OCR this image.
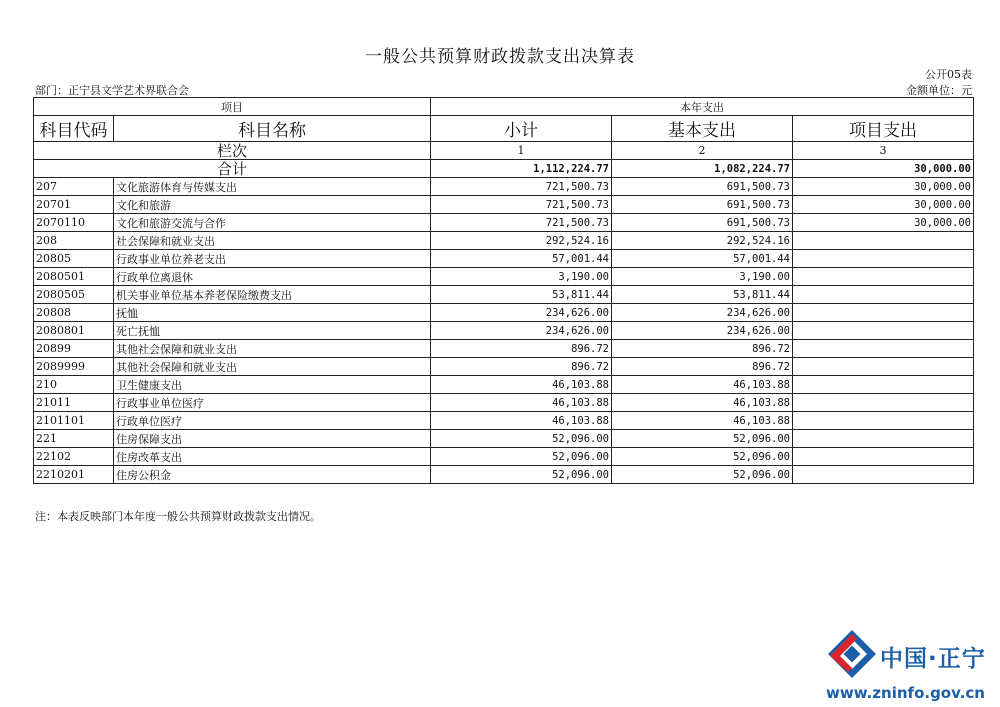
一般公共预算财政拨款支出决算表
公开05表
部门：正宁县文学艺术界联合会	金额单位：元
项目		本年支出		
科目代码	科目名称	小计	基本支出	项目支出
栏次		1	2	3
合计		1,112,224.77	1,082,224.77	30,000.00
207	文化旅游体育与传媒支出	721,500.73	691,500.73	30,000.00
20701	文化和旅游	721,500.73	691,500.73	30,000.00
2070110	文化和旅游交流与合作	721,500.73	691,500.73	30,000.00
208	社会保障和就业支出	292,524.16	292,524.16	
20805	行政事业单位养老支出	57,001.44	57,001.44	
2080501	行政单位离退休	3,190.00	3,190.00	
2080505	机关事业单位基本养老保险缴费支出	53,811.44	53,811.44	
20808	抚恤	234,626.00	234,626.00	
2080801	死亡抚恤	234,626.00	234,626.00	
20899	其他社会保障和就业支出	896.72	896.72	
2089999	其他社会保障和就业支出	896.72	896.72	
210	卫生健康支出	46,103.88	46,103.88	
21011	行政事业单位医疗	46,103.88	46,103.88	
2101101	行政单位医疗	46,103.88	46,103.88	
221	住房保障支出	52,096.00	52,096.00	
22102	住房改革支出	52,096.00	52,096.00	
2210201	住房公积金	52,096.00	52,096.00	
注：本表反映部门本年度一般公共预算财政拨款支出情况。
中国·正宁
www.zninfo.gov.cn
